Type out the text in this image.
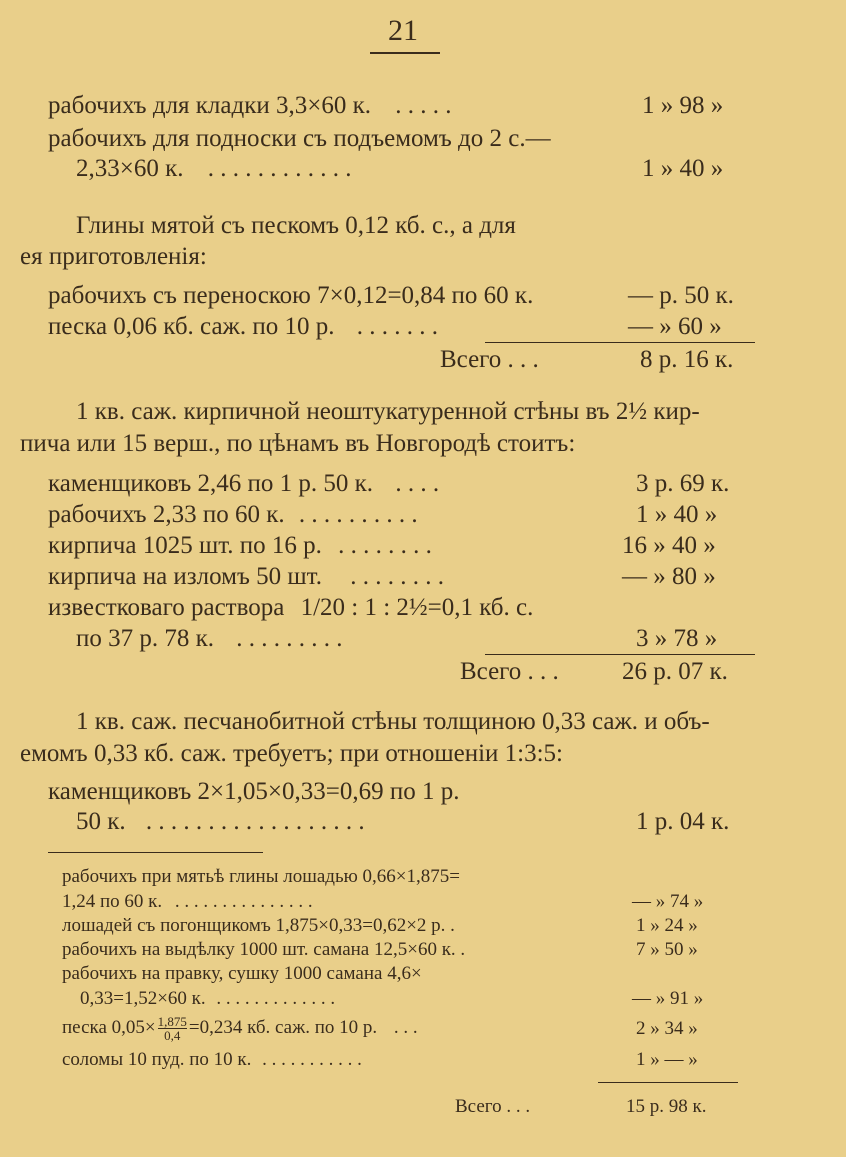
21
рабочихъ для кладки 3,3×60 к. . . . . .	1 » 98 »
рабочихъ для подноски съ подъемомъ до 2 с.—
2,33×60 к. . . . . . . . . . . . .	1 » 40 »
Глины мятой съ пескомъ 0,12 кб. с., а для
ея приготовленія:
рабочихъ съ переноскою 7×0,12=0,84 по 60 к.	— р. 50 к.
песка 0,06 кб. саж. по 10 р. . . . . . . .	— » 60 »
Всего . . .	8 р. 16 к.
1 кв. саж. кирпичной неоштукатуренной стѣны въ 2½ кир-
пича или 15 верш., по цѣнамъ въ Новгородѣ стоитъ:
каменщиковъ 2,46 по 1 р. 50 к. . . . .	3 р. 69 к.
рабочихъ 2,33 по 60 к. . . . . . . . . . .	1 » 40 »
кирпича 1025 шт. по 16 р. . . . . . . . .	16 » 40 »
кирпича на изломъ 50 шт. . . . . . . . .	— » 80 »
известковаго раствора 1/20 : 1 : 2½=0,1 кб. с.
по 37 р. 78 к. . . . . . . . . .	3 » 78 »
Всего . . .	26 р. 07 к.
1 кв. саж. песчанобитной стѣны толщиною 0,33 саж. и объ-
емомъ 0,33 кб. саж. требуетъ; при отношеніи 1:3:5:
каменщиковъ 2×1,05×0,33=0,69 по 1 р.
50 к. . . . . . . . . . . . . . . . . . .	1 р. 04 к.
рабочихъ при мятьѣ глины лошадью 0,66×1,875=
1,24 по 60 к. . . . . . . . . . . . . . . .	— » 74 »
лошадей съ погонщикомъ 1,875×0,33=0,62×2 р. .	1 » 24 »
рабочихъ на выдѣлку 1000 шт. самана 12,5×60 к. .	7 » 50 »
рабочихъ на правку, сушку 1000 самана 4,6×
0,33=1,52×60 к. . . . . . . . . . . . . .	— » 91 »
песка $0,05\times \frac{1,875}{0,4} =0,234$ кб. саж. по 10 р. . . .	2 » 34 »
соломы 10 пуд. по 10 к. . . . . . . . . . . .	1 » — »
Всего . . .	15 р. 98 к.
